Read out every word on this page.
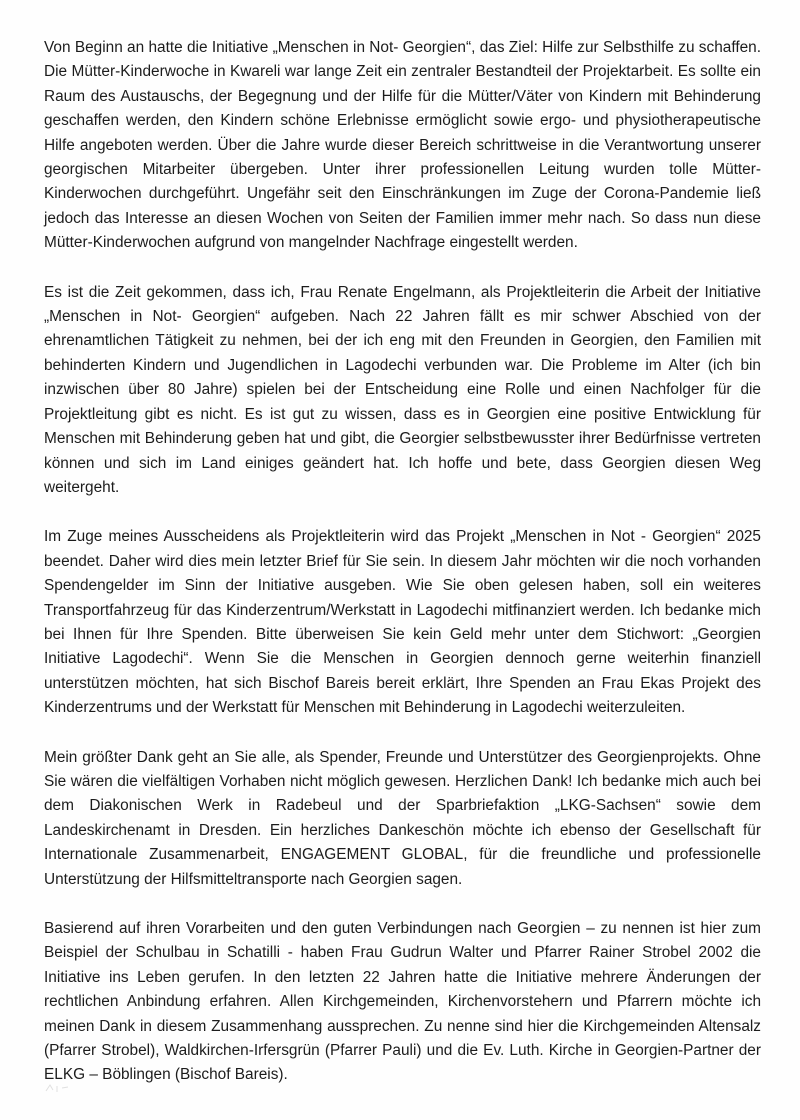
Von Beginn an hatte die Initiative „Menschen in Not- Georgien“, das Ziel: Hilfe zur Selbsthilfe zu schaffen. Die Mütter-Kinderwoche in Kwareli war lange Zeit ein zentraler Bestandteil der Projektarbeit. Es sollte ein Raum des Austauschs, der Begegnung und der Hilfe für die Mütter/Väter von Kindern mit Behinderung geschaffen werden, den Kindern schöne Erlebnisse ermöglicht sowie ergo- und physiotherapeutische Hilfe angeboten werden. Über die Jahre wurde dieser Bereich schrittweise in die Verantwortung unserer georgischen Mitarbeiter übergeben. Unter ihrer professionellen Leitung wurden tolle Mütter-Kinderwochen durchgeführt. Ungefähr seit den Einschränkungen im Zuge der Corona-Pandemie ließ jedoch das Interesse an diesen Wochen von Seiten der Familien immer mehr nach. So dass nun diese Mütter-Kinderwochen aufgrund von mangelnder Nachfrage eingestellt werden.

Es ist die Zeit gekommen, dass ich, Frau Renate Engelmann, als Projektleiterin die Arbeit der Initiative „Menschen in Not- Georgien“ aufgeben. Nach 22 Jahren fällt es mir schwer Abschied von der ehrenamtlichen Tätigkeit zu nehmen, bei der ich eng mit den Freunden in Georgien, den Familien mit behinderten Kindern und Jugendlichen in Lagodechi verbunden war. Die Probleme im Alter (ich bin inzwischen über 80 Jahre) spielen bei der Entscheidung eine Rolle und einen Nachfolger für die Projektleitung gibt es nicht. Es ist gut zu wissen, dass es in Georgien eine positive Entwicklung für Menschen mit Behinderung geben hat und gibt, die Georgier selbstbewusster ihrer Bedürfnisse vertreten können und sich im Land einiges geändert hat. Ich hoffe und bete, dass Georgien diesen Weg weitergeht.

Im Zuge meines Ausscheidens als Projektleiterin wird das Projekt „Menschen in Not - Georgien“ 2025 beendet. Daher wird dies mein letzter Brief für Sie sein. In diesem Jahr möchten wir die noch vorhanden Spendengelder im Sinn der Initiative ausgeben. Wie Sie oben gelesen haben, soll ein weiteres Transportfahrzeug für das Kinderzentrum/Werkstatt in Lagodechi mitfinanziert werden. Ich bedanke mich bei Ihnen für Ihre Spenden. Bitte überweisen Sie kein Geld mehr unter dem Stichwort: „Georgien Initiative Lagodechi“. Wenn Sie die Menschen in Georgien dennoch gerne weiterhin finanziell unterstützen möchten, hat sich Bischof Bareis bereit erklärt, Ihre Spenden an Frau Ekas Projekt des Kinderzentrums und der Werkstatt für Menschen mit Behinderung in Lagodechi weiterzuleiten.

Mein größter Dank geht an Sie alle, als Spender, Freunde und Unterstützer des Georgienprojekts. Ohne Sie wären die vielfältigen Vorhaben nicht möglich gewesen. Herzlichen Dank! Ich bedanke mich auch bei dem Diakonischen Werk in Radebeul und der Sparbriefaktion „LKG-Sachsen“ sowie dem Landeskirchenamt in Dresden. Ein herzliches Dankeschön möchte ich ebenso der Gesellschaft für Internationale Zusammenarbeit, ENGAGEMENT GLOBAL, für die freundliche und professionelle Unterstützung der Hilfsmitteltransporte nach Georgien sagen.

Basierend auf ihren Vorarbeiten und den guten Verbindungen nach Georgien – zu nennen ist hier zum Beispiel der Schulbau in Schatilli - haben Frau Gudrun Walter und Pfarrer Rainer Strobel 2002 die Initiative ins Leben gerufen. In den letzten 22 Jahren hatte die Initiative mehrere Änderungen der rechtlichen Anbindung erfahren. Allen Kirchgemeinden, Kirchenvorstehern und Pfarrern möchte ich meinen Dank in diesem Zusammenhang aussprechen. Zu nenne sind hier die Kirchgemeinden Altensalz (Pfarrer Strobel), Waldkirchen-Irfersgrün (Pfarrer Pauli) und die Ev. Luth. Kirche in Georgien-Partner der ELKG – Böblingen (Bischof Bareis).
